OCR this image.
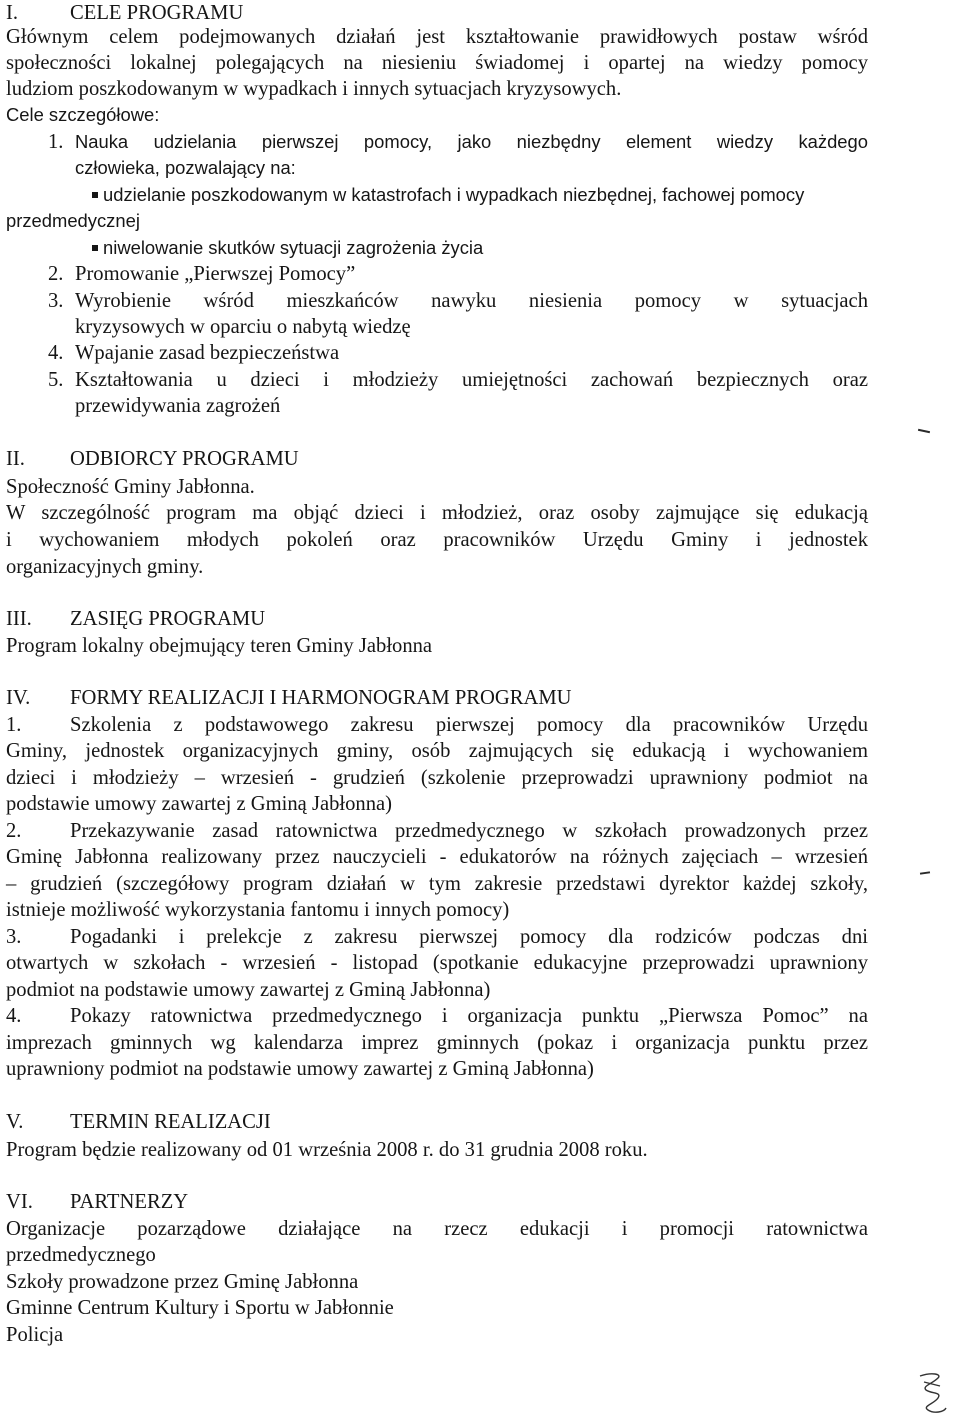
I.	CELE PROGRAMU
Głównym celem podejmowanych działań jest kształtowanie prawidłowych postaw wśród
społeczności lokalnej polegających na niesieniu świadomej i opartej na wiedzy pomocy
ludziom poszkodowanym w wypadkach i innych sytuacjach kryzysowych.
Cele szczegółowe:
1. Nauka udzielania pierwszej pomocy, jako niezbędny element wiedzy każdego
człowieka, pozwalający na:
udzielanie poszkodowanym w katastrofach i wypadkach niezbędnej, fachowej pomocy
przedmedycznej
niwelowanie skutków sytuacji zagrożenia życia
2. Promowanie „Pierwszej Pomocy”
3. Wyrobienie wśród mieszkańców nawyku niesienia pomocy w sytuacjach
kryzysowych w oparciu o nabytą wiedzę
4. Wpajanie zasad bezpieczeństwa
5. Kształtowania u dzieci i młodzieży umiejętności zachowań bezpiecznych oraz
przewidywania zagrożeń
II. ODBIORCY PROGRAMU
Społeczność Gminy Jabłonna.
W szczególność program ma objąć dzieci i młodzież, oraz osoby zajmujące się edukacją
i wychowaniem młodych pokoleń oraz pracowników Urzędu Gminy i jednostek
organizacyjnych gminy.
III. ZASIĘG PROGRAMU
Program lokalny obejmujący teren Gminy Jabłonna
IV. FORMY REALIZACJI I HARMONOGRAM PROGRAMU
1. Szkolenia z podstawowego zakresu pierwszej pomocy dla pracowników Urzędu
Gminy, jednostek organizacyjnych gminy, osób zajmujących się edukacją i wychowaniem
dzieci i młodzieży – wrzesień - grudzień (szkolenie przeprowadzi uprawniony podmiot na
podstawie umowy zawartej z Gminą Jabłonna)
2. Przekazywanie zasad ratownictwa przedmedycznego w szkołach prowadzonych przez
Gminę Jabłonna realizowany przez nauczycieli - edukatorów na różnych zajęciach – wrzesień
– grudzień (szczegółowy program działań w tym zakresie przedstawi dyrektor każdej szkoły,
istnieje możliwość wykorzystania fantomu i innych pomocy)
3. Pogadanki i prelekcje z zakresu pierwszej pomocy dla rodziców podczas dni
otwartych w szkołach - wrzesień - listopad (spotkanie edukacyjne przeprowadzi uprawniony
podmiot na podstawie umowy zawartej z Gminą Jabłonna)
4. Pokazy ratownictwa przedmedycznego i organizacja punktu „Pierwsza Pomoc” na
imprezach gminnych wg kalendarza imprez gminnych (pokaz i organizacja punktu przez
uprawniony podmiot na podstawie umowy zawartej z Gminą Jabłonna)
V. TERMIN REALIZACJI
Program będzie realizowany od 01 września 2008 r. do 31 grudnia 2008 roku.
VI. PARTNERZY
Organizacje pozarządowe działające na rzecz edukacji i promocji ratownictwa
przedmedycznego
Szkoły prowadzone przez Gminę Jabłonna
Gminne Centrum Kultury i Sportu w Jabłonnie
Policja
